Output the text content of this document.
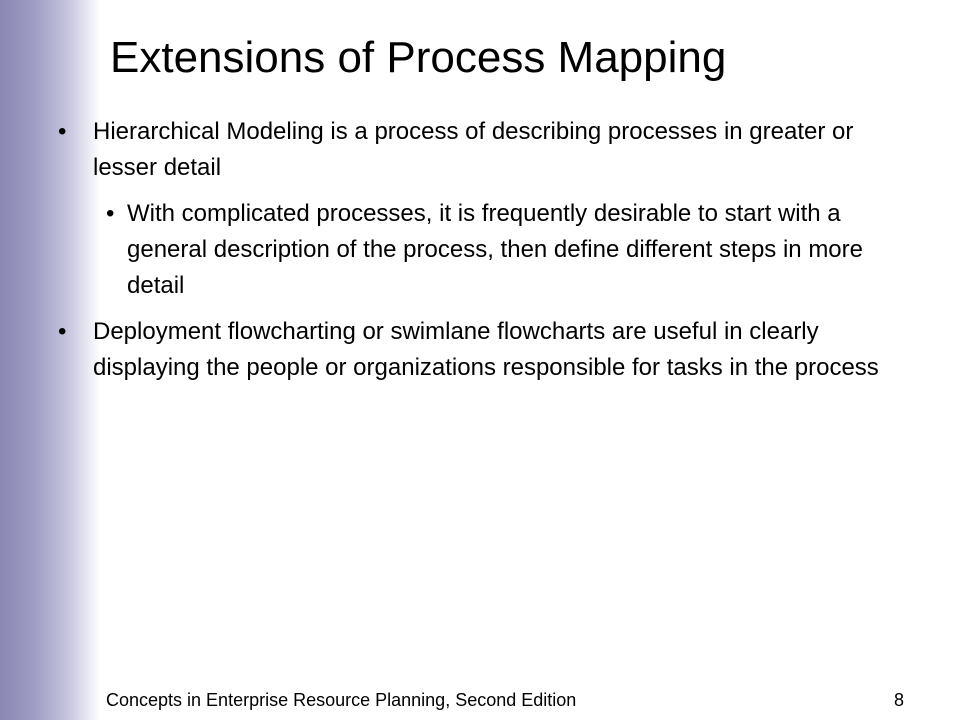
Extensions of Process Mapping
•	Hierarchical Modeling is a process of describing processes in greater or lesser detail
• With complicated processes, it is frequently desirable to start with a general description of the process, then define different steps in more detail
•	Deployment flowcharting or swimlane flowcharts are useful in clearly displaying the people or organizations responsible for tasks in the process
Concepts in Enterprise Resource Planning, Second Edition	8
